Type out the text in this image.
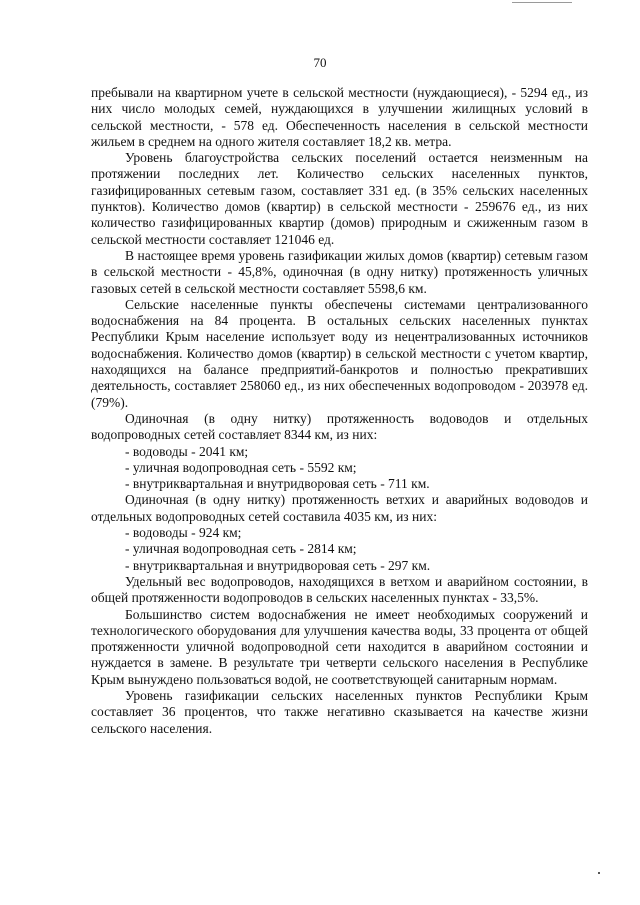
70

пребывали на квартирном учете в сельской местности (нуждающиеся), - 5294 ед., из них число молодых семей, нуждающихся в улучшении жилищных условий в сельской местности, - 578 ед. Обеспеченность населения в сельской местности жильем в среднем на одного жителя составляет 18,2 кв. метра.

Уровень благоустройства сельских поселений остается неизменным на протяжении последних лет. Количество сельских населенных пунктов, газифицированных сетевым газом, составляет 331 ед. (в 35% сельских населенных пунктов). Количество домов (квартир) в сельской местности - 259676 ед., из них количество газифицированных квартир (домов) природным и сжиженным газом в сельской местности составляет 121046 ед.

В настоящее время уровень газификации жилых домов (квартир) сетевым газом в сельской местности - 45,8%, одиночная (в одну нитку) протяженность уличных газовых сетей в сельской местности составляет 5598,6 км.

Сельские населенные пункты обеспечены системами централизованного водоснабжения на 84 процента. В остальных сельских населенных пунктах Республики Крым население использует воду из нецентрализованных источников водоснабжения. Количество домов (квартир) в сельской местности с учетом квартир, находящихся на балансе предприятий-банкротов и полностью прекративших деятельность, составляет 258060 ед., из них обеспеченных водопроводом - 203978 ед. (79%).

Одиночная (в одну нитку) протяженность водоводов и отдельных водопроводных сетей составляет 8344 км, из них:

- водоводы - 2041 км;

- уличная водопроводная сеть - 5592 км;

- внутриквартальная и внутридворовая сеть - 711 км.

Одиночная (в одну нитку) протяженность ветхих и аварийных водоводов и отдельных водопроводных сетей составила 4035 км, из них:

- водоводы - 924 км;

- уличная водопроводная сеть - 2814 км;

- внутриквартальная и внутридворовая сеть - 297 км.

Удельный вес водопроводов, находящихся в ветхом и аварийном состоянии, в общей протяженности водопроводов в сельских населенных пунктах - 33,5%.

Большинство систем водоснабжения не имеет необходимых сооружений и технологического оборудования для улучшения качества воды, 33 процента от общей протяженности уличной водопроводной сети находится в аварийном состоянии и нуждается в замене. В результате три четверти сельского населения в Республике Крым вынуждено пользоваться водой, не соответствующей санитарным нормам.

Уровень газификации сельских населенных пунктов Республики Крым составляет 36 процентов, что также негативно сказывается на качестве жизни сельского населения.
